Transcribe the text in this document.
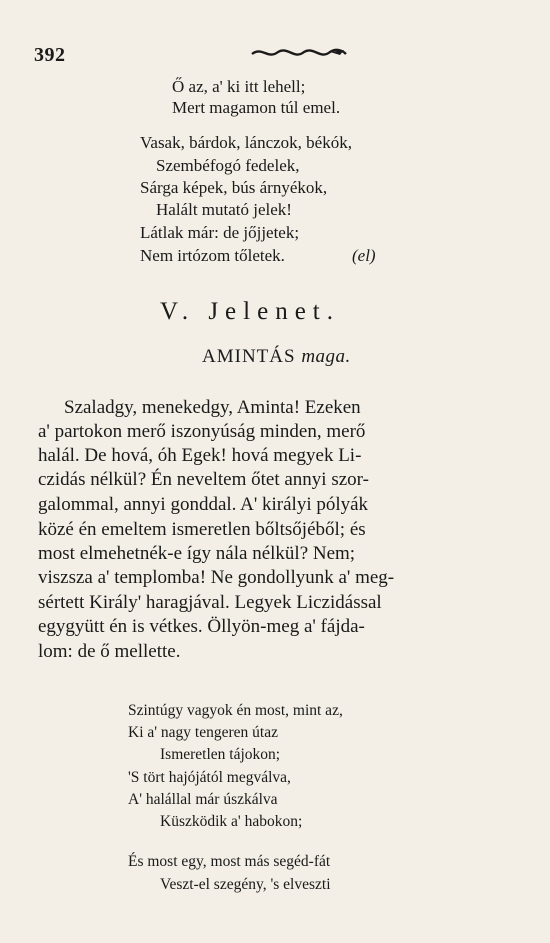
392
Ő az, a' ki itt lehell;
Mert magamon túl emel.
Vasak, bárdok, lánczok, békók,
Szembéfogó fedelek,
Sárga képek, bús árnyékok,
Halált mutató jelek!
Látlak már: de jőjjetek;
Nem irtózom tőletek.	(el)
V. Jelenet.
AMINTÁS maga.
Szaladgy, menekedgy, Aminta! Ezeken
a' partokon merő iszonyúság minden, merő
halál. De hová, óh Egek! hová megyek Li-
czidás nélkül? Én neveltem őtet annyi szor-
galommal, annyi gonddal. A' királyi pólyák
közé én emeltem ismeretlen bőltsőjéből; és
most elmehetnék-e így nála nélkül? Nem;
viszsza a' templomba! Ne gondollyunk a' meg-
sértett Király' haragjával. Legyek Liczidással
egygyütt én is vétkes. Öllyön-meg a' fájda-
lom: de ő mellette.
Szintúgy vagyok én most, mint az,
Ki a' nagy tengeren útaz
Ismeretlen tájokon;
'S tört hajójától megválva,
A' halállal már úszkálva
Küszködik a' habokon;
És most egy, most más segéd-fát
Veszt-el szegény, 's elveszti
